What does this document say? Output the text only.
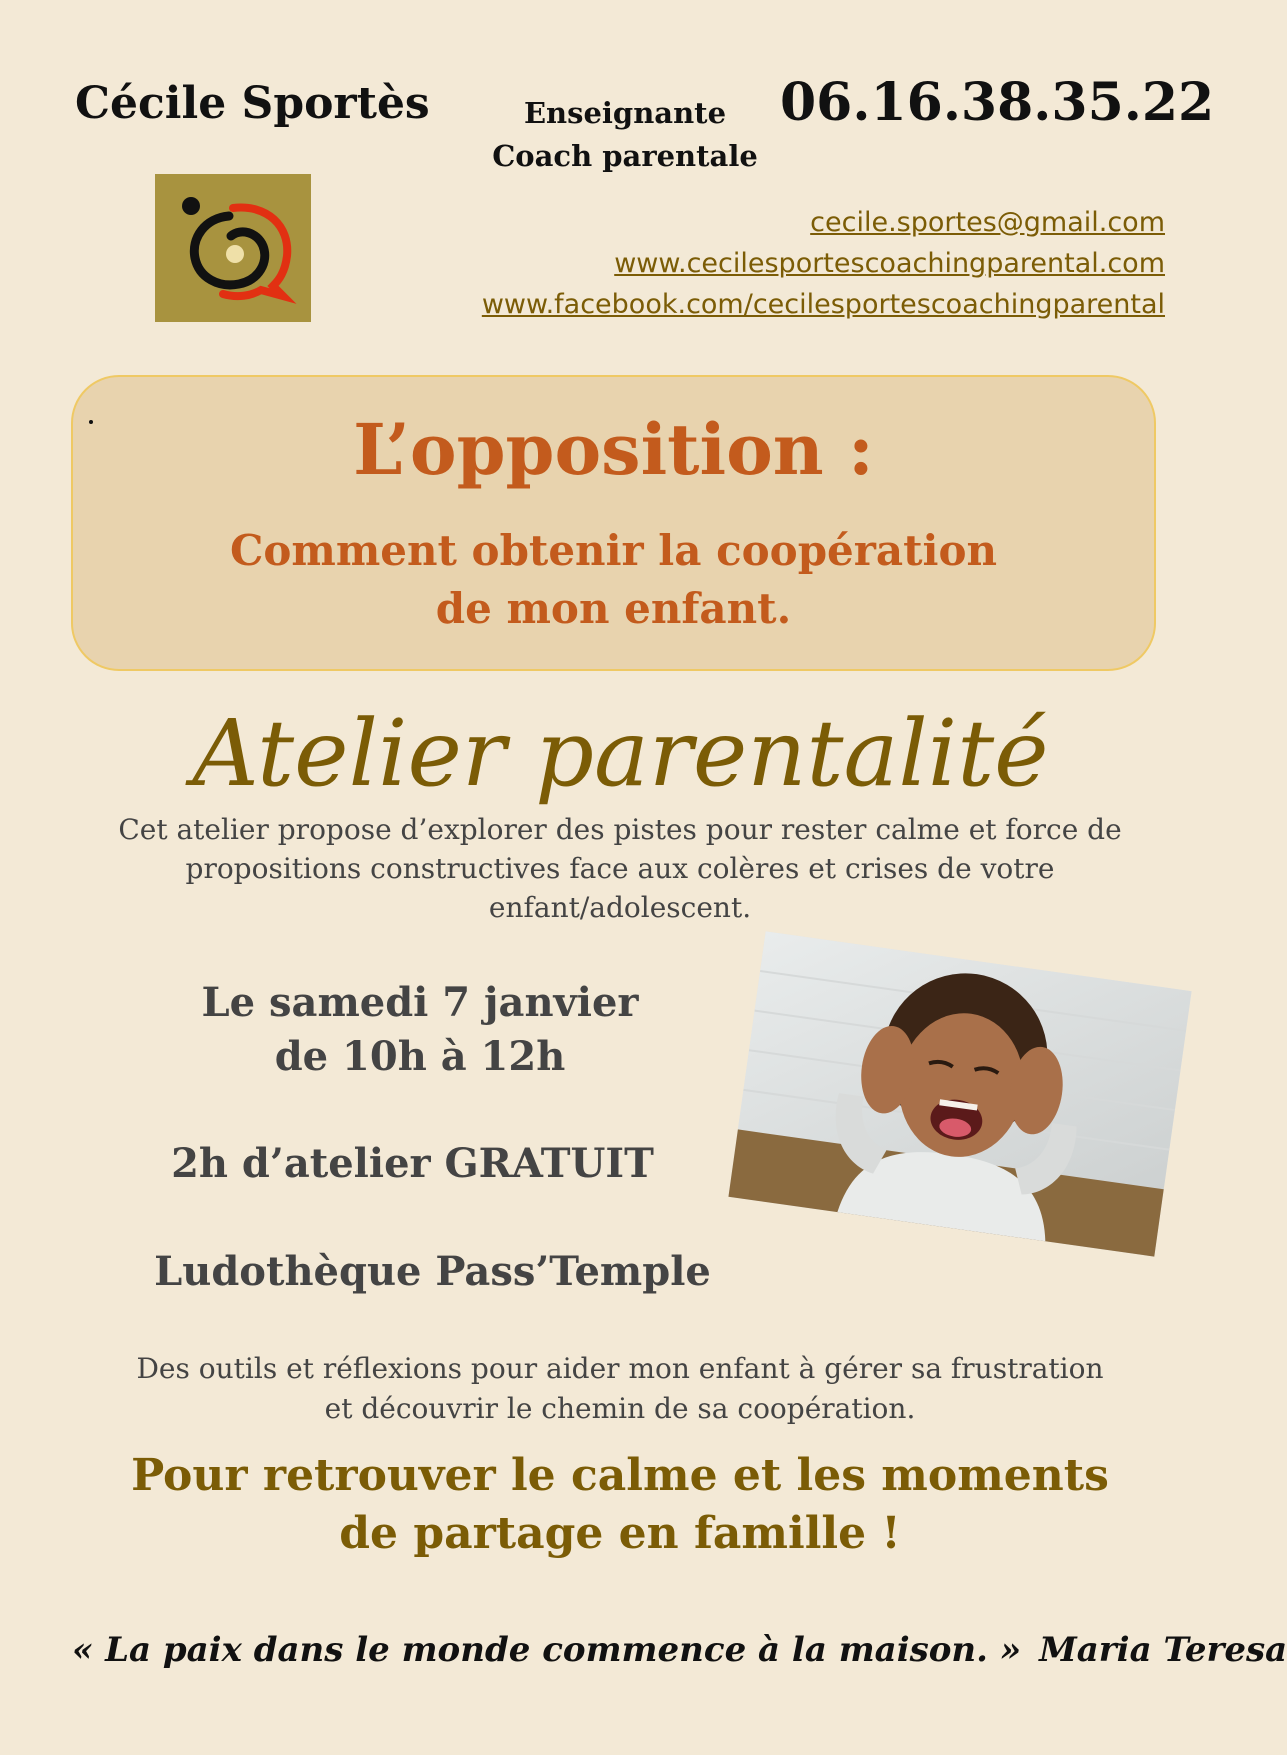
Cécile Sportès	Enseignante
Coach parentale
06.16.38.35.22
cecile.sportes@gmail.com
www.cecilesportescoachingparental.com
www.facebook.com/cecilesportescoachingparental
L’opposition :
Comment obtenir la coopération
de mon enfant.
Atelier parentalité
Cet atelier propose d’explorer des pistes pour rester calme et force de
propositions constructives face aux colères et crises de votre
enfant/adolescent.
Le samedi 7 janvier
de 10h à 12h
2h d’atelier GRATUIT
Ludothèque Pass’Temple
Des outils et réflexions pour aider mon enfant à gérer sa frustration
et découvrir le chemin de sa coopération.
Pour retrouver le calme et les moments
de partage en famille !
« La paix dans le monde commence à la maison. » Maria Teresa
